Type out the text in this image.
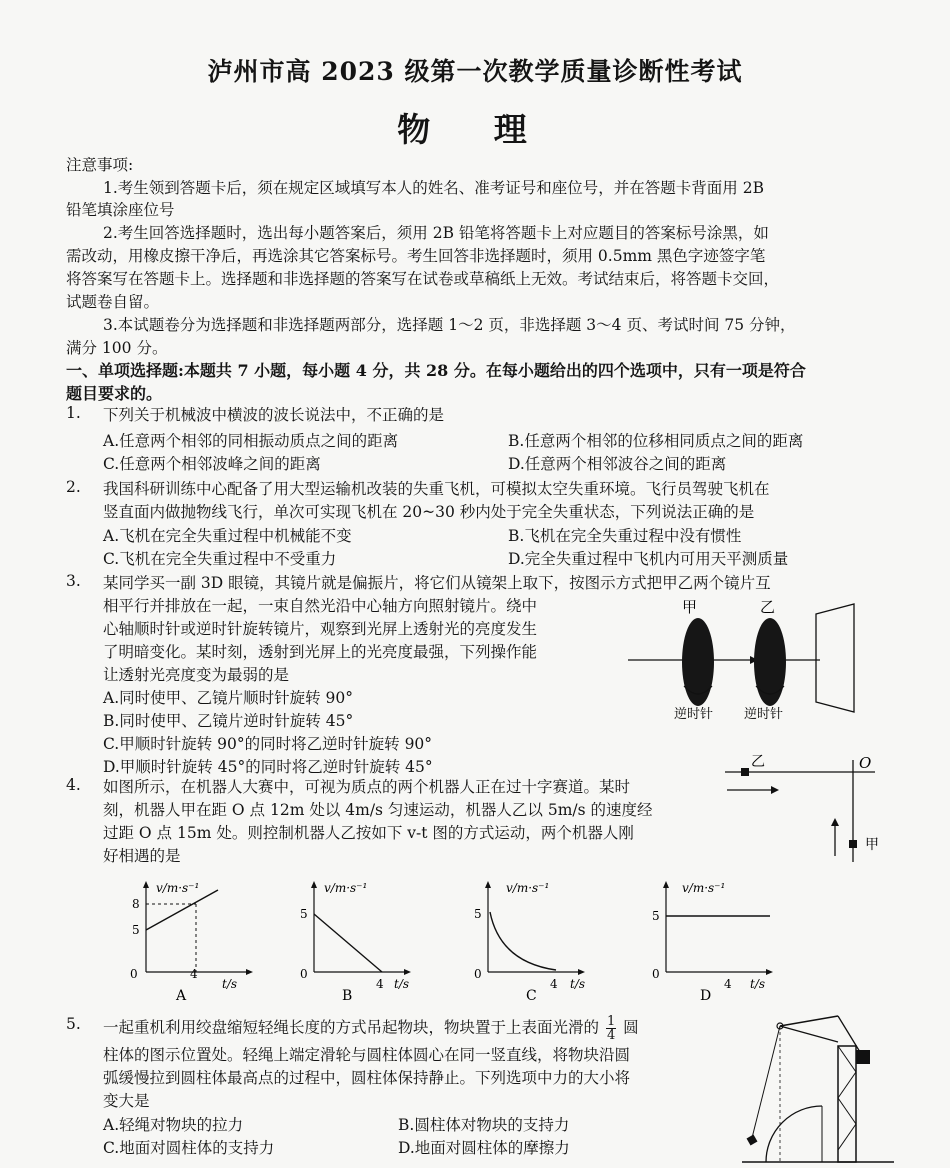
泸州市高 2023 级第一次教学质量诊断性考试
物 理
注意事项:
1.考生领到答题卡后，须在规定区域填写本人的姓名、准考证号和座位号，并在答题卡背面用 2B
铅笔填涂座位号
2.考生回答选择题时，选出每小题答案后，须用 2B 铅笔将答题卡上对应题目的答案标号涂黑，如
需改动，用橡皮擦干净后，再选涂其它答案标号。考生回答非选择题时，须用 0.5mm 黑色字迹签字笔
将答案写在答题卡上。选择题和非选择题的答案写在试卷或草稿纸上无效。考试结束后，将答题卡交回，
试题卷自留。
3.本试题卷分为选择题和非选择题两部分，选择题 1～2 页，非选择题 3～4 页、考试时间 75 分钟，
满分 100 分。
一、单项选择题:本题共 7 小题，每小题 4 分，共 28 分。在每小题给出的四个选项中，只有一项是符合
题目要求的。
1. 下列关于机械波中横波的波长说法中，不正确的是
A.任意两个相邻的同相振动质点之间的距离	B.任意两个相邻的位移相同质点之间的距离
C.任意两个相邻波峰之间的距离	D.任意两个相邻波谷之间的距离
2. 我国科研训练中心配备了用大型运输机改装的失重飞机，可模拟太空失重环境。飞行员驾驶飞机在
竖直面内做抛物线飞行，单次可实现飞机在 20~30 秒内处于完全失重状态，下列说法正确的是
A.飞机在完全失重过程中机械能不变	B.飞机在完全失重过程中没有惯性
C.飞机在完全失重过程中不受重力	D.完全失重过程中飞机内可用天平测质量
3. 某同学买一副 3D 眼镜，其镜片就是偏振片，将它们从镜架上取下，按图示方式把甲乙两个镜片互
相平行并排放在一起，一束自然光沿中心轴方向照射镜片。绕中
心轴顺时针或逆时针旋转镜片，观察到光屏上透射光的亮度发生
了明暗变化。某时刻，透射到光屏上的光亮度最强，下列操作能
让透射光亮度变为最弱的是
A.同时使甲、乙镜片顺时针旋转 90°
B.同时使甲、乙镜片逆时针旋转 45°
C.甲顺时针旋转 90°的同时将乙逆时针旋转 90°
D.甲顺时针旋转 45°的同时将乙逆时针旋转 45°
甲	乙
逆时针 逆时针
4. 如图所示，在机器人大赛中，可视为质点的两个机器人正在过十字赛道。某时
刻，机器人甲在距 O 点 12m 处以 4m/s 匀速运动，机器人乙以 5m/s 的速度经
过距 O 点 15m 处。则控制机器人乙按如下 v-t 图的方式运动，两个机器人刚
好相遇的是
乙	O
甲
v/m·s⁻¹
t/s
0	4
8
5
A
v/m·s⁻¹
t/s
0
4
5
B
v/m·s⁻¹
t/s
0
4
5
C
v/m·s⁻¹
t/s
0
4
5
D
5. 一起重机利用绞盘缩短轻绳长度的方式吊起物块，物块置于上表面光滑的 $\frac{1}{4}$ 圆
柱体的图示位置处。轻绳上端定滑轮与圆柱体圆心在同一竖直线，将物块沿圆
弧缓慢拉到圆柱体最高点的过程中，圆柱体保持静止。下列选项中力的大小将
变大是
A.轻绳对物块的拉力	B.圆柱体对物块的支持力
C.地面对圆柱体的支持力	D.地面对圆柱体的摩擦力
